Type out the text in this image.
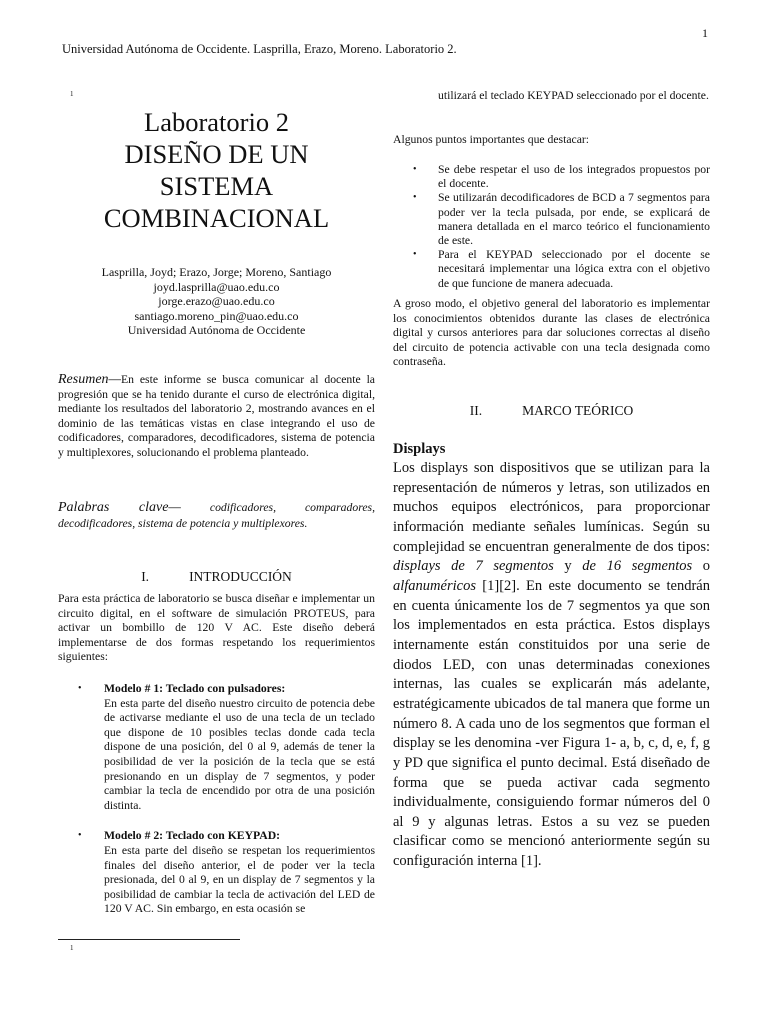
1
Universidad Autónoma de Occidente. Lasprilla, Erazo, Moreno. Laboratorio 2.
1
Laboratorio 2
DISEÑO DE UN
SISTEMA
COMBINACIONAL
Lasprilla, Joyd; Erazo, Jorge; Moreno, Santiago
joyd.lasprilla@uao.edu.co
jorge.erazo@uao.edu.co
santiago.moreno_pin@uao.edu.co
Universidad Autónoma de Occidente
Resumen—En este informe se busca comunicar al docente la progresión que se ha tenido durante el curso de electrónica digital, mediante los resultados del laboratorio 2, mostrando avances en el dominio de las temáticas vistas en clase integrando el uso de codificadores, comparadores, decodificadores, sistema de potencia y multiplexores, solucionando el problema planteado.
Palabras clave— codificadores, comparadores, decodificadores, sistema de potencia y multiplexores.
I.	INTRODUCCIÓN
Para esta práctica de laboratorio se busca diseñar e implementar un circuito digital, en el software de simulación PROTEUS, para activar un bombillo de 120 V AC. Este diseño deberá implementarse de dos formas respetando los requerimientos siguientes:
• Modelo # 1: Teclado con pulsadores:
En esta parte del diseño nuestro circuito de potencia debe de activarse mediante el uso de una tecla de un teclado que dispone de 10 posibles teclas donde cada tecla dispone de una posición, del 0 al 9, además de tener la posibilidad de ver la posición de la tecla que se está presionando en un display de 7 segmentos, y poder cambiar la tecla de encendido por otra de una posición distinta.
• Modelo # 2: Teclado con KEYPAD:
En esta parte del diseño se respetan los requerimientos finales del diseño anterior, el de poder ver la tecla presionada, del 0 al 9, en un display de 7 segmentos y la posibilidad de cambiar la tecla de activación del LED de 120 V AC. Sin embargo, en esta ocasión se
1
utilizará el teclado KEYPAD seleccionado por el docente.
Algunos puntos importantes que destacar:
• Se debe respetar el uso de los integrados propuestos por el docente.
• Se utilizarán decodificadores de BCD a 7 segmentos para poder ver la tecla pulsada, por ende, se explicará de manera detallada en el marco teórico el funcionamiento de este.
• Para el KEYPAD seleccionado por el docente se necesitará implementar una lógica extra con el objetivo de que funcione de manera adecuada.
A groso modo, el objetivo general del laboratorio es implementar los conocimientos obtenidos durante las clases de electrónica digital y cursos anteriores para dar soluciones correctas al diseño del circuito de potencia activable con una tecla designada como contraseña.
II.	MARCO TEÓRICO
Displays
Los displays son dispositivos que se utilizan para la representación de números y letras, son utilizados en muchos equipos electrónicos, para proporcionar información mediante señales lumínicas. Según su complejidad se encuentran generalmente de dos tipos: displays de 7 segmentos y de 16 segmentos o alfanuméricos [1][2]. En este documento se tendrán en cuenta únicamente los de 7 segmentos ya que son los implementados en esta práctica. Estos displays internamente están constituidos por una serie de diodos LED, con unas determinadas conexiones internas, las cuales se explicarán más adelante, estratégicamente ubicados de tal manera que forme un número 8. A cada uno de los segmentos que forman el display se les denomina -ver Figura 1- a, b, c, d, e, f, g y PD que significa el punto decimal. Está diseñado de forma que se pueda activar cada segmento individualmente, consiguiendo formar números del 0 al 9 y algunas letras. Estos a su vez se pueden clasificar como se mencionó anteriormente según su configuración interna [1].
